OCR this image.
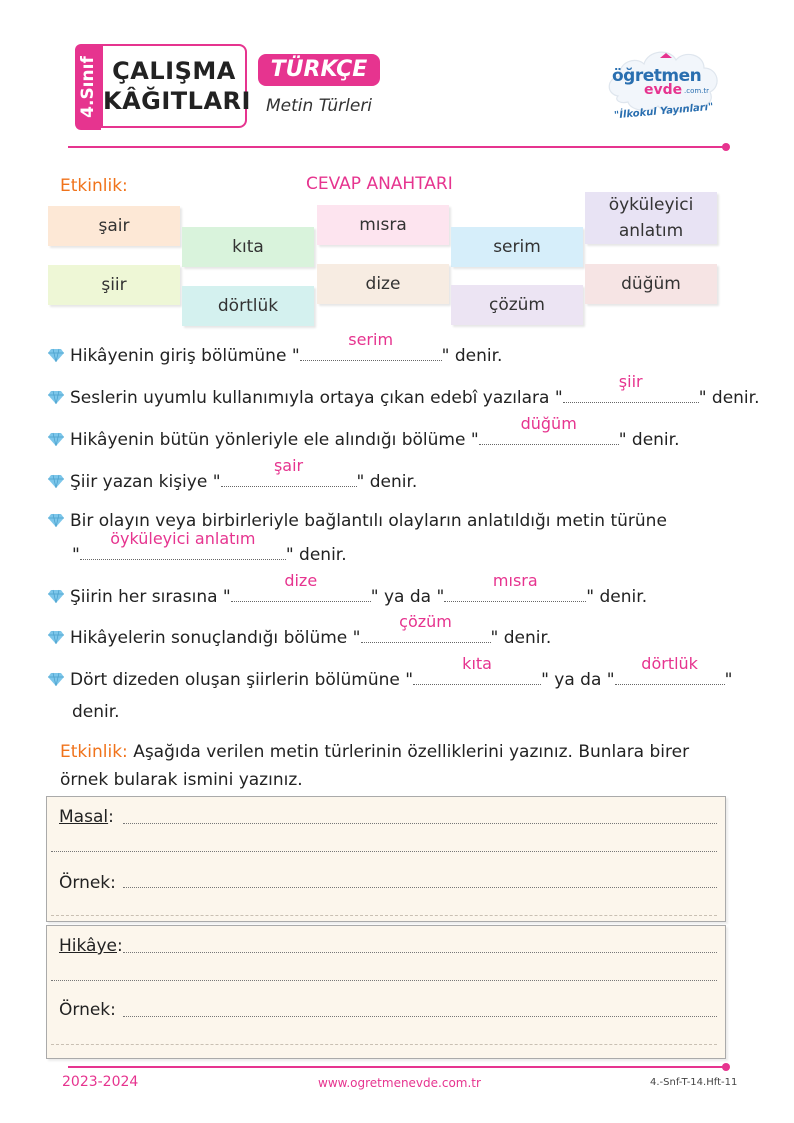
4.Sınıf ÇALIŞMA
KÂĞITLARI
TÜRKÇE
Metin Türleri
öğretmen
evde .com.tr
"İlkokul Yayınları"
Etkinlik:	CEVAP ANAHTARI
şair
kıta
mısra
serim
öyküleyici anlatım
şiir
dörtlük
dize
çözüm
düğüm
Hikâyenin giriş bölümüne "
serim
" denir.
Seslerin uyumlu kullanımıyla ortaya çıkan edebî yazılara "
şiir
" denir.
Hikâyenin bütün yönleriyle ele alındığı bölüme "
düğüm
" denir.
Şiir yazan kişiye "
şair
" denir.
Bir olayın veya birbirleriyle bağlantılı olayların anlatıldığı metin türüne
"
öyküleyici anlatım
" denir.
Şiirin her sırasına "
dize
" ya da "
mısra
" denir.
Hikâyelerin sonuçlandığı bölüme "
çözüm
" denir.
Dört dizeden oluşan şiirlerin bölümüne "
kıta
" ya da "
dörtlük
"
denir.
Etkinlik: Aşağıda verilen metin türlerinin özelliklerini yazınız. Bunlara birer
örnek bularak ismini yazınız.
Masal:
Örnek:
Hikâye:
Örnek:
2023-2024	www.ogretmenevde.com.tr	4.-Snf-T-14.Hft-11
